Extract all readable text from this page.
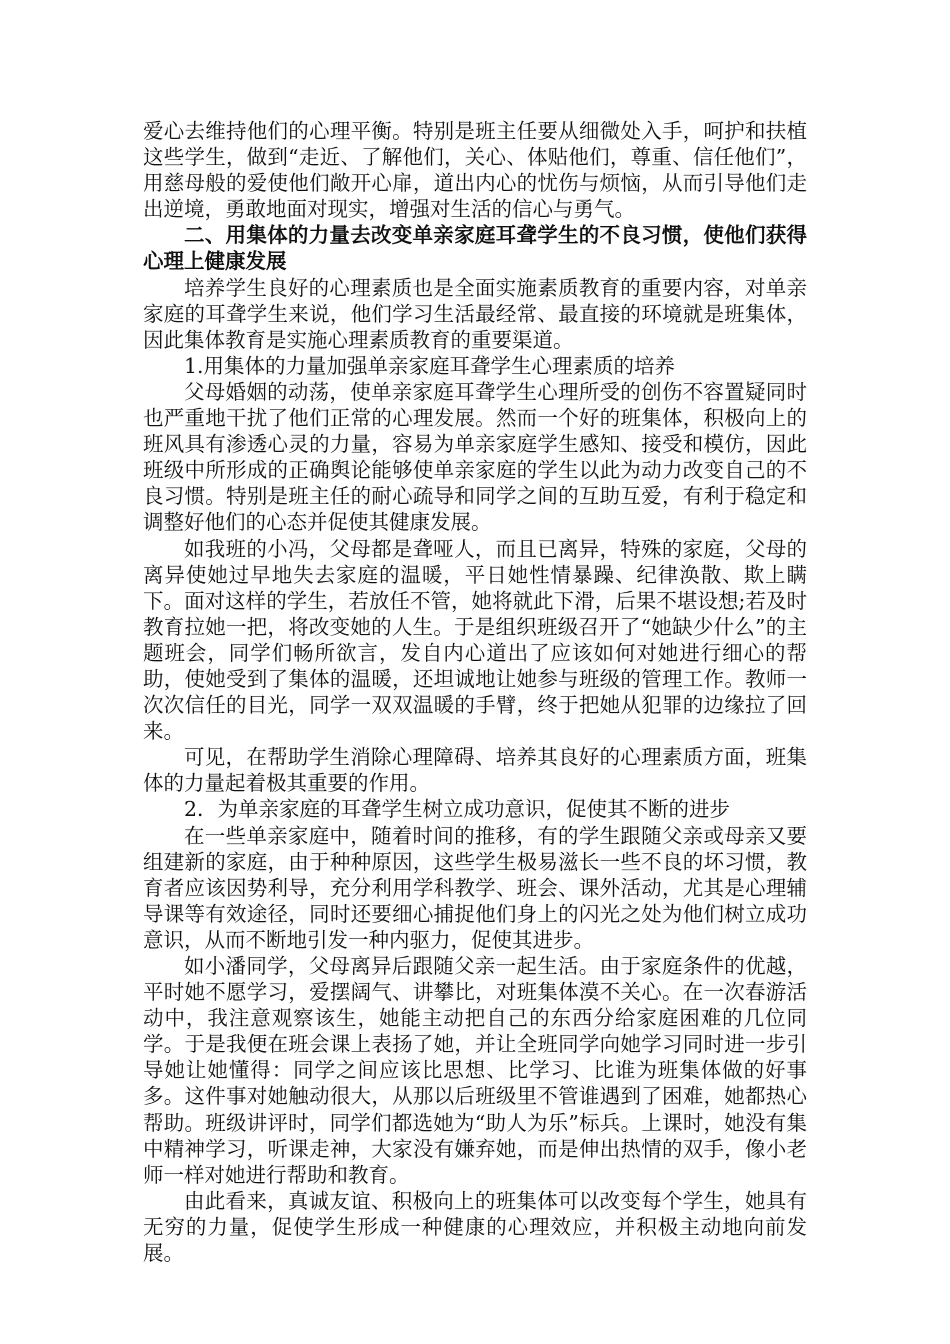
爱心去维持他们的心理平衡。特别是班主任要从细微处入手，呵护和扶植这些学生，做到“走近、了解他们，关心、体贴他们，尊重、信任他们”，用慈母般的爱使他们敞开心扉，道出内心的忧伤与烦恼，从而引导他们走出逆境，勇敢地面对现实，增强对生活的信心与勇气。

二、用集体的力量去改变单亲家庭耳聋学生的不良习惯，使他们获得心理上健康发展

培养学生良好的心理素质也是全面实施素质教育的重要内容，对单亲家庭的耳聋学生来说，他们学习生活最经常、最直接的环境就是班集体，因此集体教育是实施心理素质教育的重要渠道。

1.用集体的力量加强单亲家庭耳聋学生心理素质的培养

父母婚姻的动荡，使单亲家庭耳聋学生心理所受的创伤不容置疑同时也严重地干扰了他们正常的心理发展。然而一个好的班集体，积极向上的班风具有渗透心灵的力量，容易为单亲家庭学生感知、接受和模仿，因此班级中所形成的正确舆论能够使单亲家庭的学生以此为动力改变自己的不良习惯。特别是班主任的耐心疏导和同学之间的互助互爱，有利于稳定和调整好他们的心态并促使其健康发展。

如我班的小冯，父母都是聋哑人，而且已离异，特殊的家庭，父母的离异使她过早地失去家庭的温暖，平日她性情暴躁、纪律涣散、欺上瞒下。面对这样的学生，若放任不管，她将就此下滑，后果不堪设想;若及时教育拉她一把，将改变她的人生。于是组织班级召开了“她缺少什么”的主题班会，同学们畅所欲言，发自内心道出了应该如何对她进行细心的帮助，使她受到了集体的温暖，还坦诚地让她参与班级的管理工作。教师一次次信任的目光，同学一双双温暖的手臂，终于把她从犯罪的边缘拉了回来。

可见，在帮助学生消除心理障碍、培养其良好的心理素质方面，班集体的力量起着极其重要的作用。

2．为单亲家庭的耳聋学生树立成功意识，促使其不断的进步

在一些单亲家庭中，随着时间的推移，有的学生跟随父亲或母亲又要组建新的家庭，由于种种原因，这些学生极易滋长一些不良的坏习惯，教育者应该因势利导，充分利用学科教学、班会、课外活动，尤其是心理辅导课等有效途径，同时还要细心捕捉他们身上的闪光之处为他们树立成功意识，从而不断地引发一种内驱力，促使其进步。

如小潘同学，父母离异后跟随父亲一起生活。由于家庭条件的优越，平时她不愿学习，爱摆阔气、讲攀比，对班集体漠不关心。在一次春游活动中，我注意观察该生，她能主动把自己的东西分给家庭困难的几位同学。于是我便在班会课上表扬了她，并让全班同学向她学习同时进一步引导她让她懂得：同学之间应该比思想、比学习、比谁为班集体做的好事多。这件事对她触动很大，从那以后班级里不管谁遇到了困难，她都热心帮助。班级讲评时，同学们都选她为“助人为乐”标兵。上课时，她没有集中精神学习，听课走神，大家没有嫌弃她，而是伸出热情的双手，像小老师一样对她进行帮助和教育。

由此看来，真诚友谊、积极向上的班集体可以改变每个学生，她具有无穷的力量，促使学生形成一种健康的心理效应，并积极主动地向前发展。
